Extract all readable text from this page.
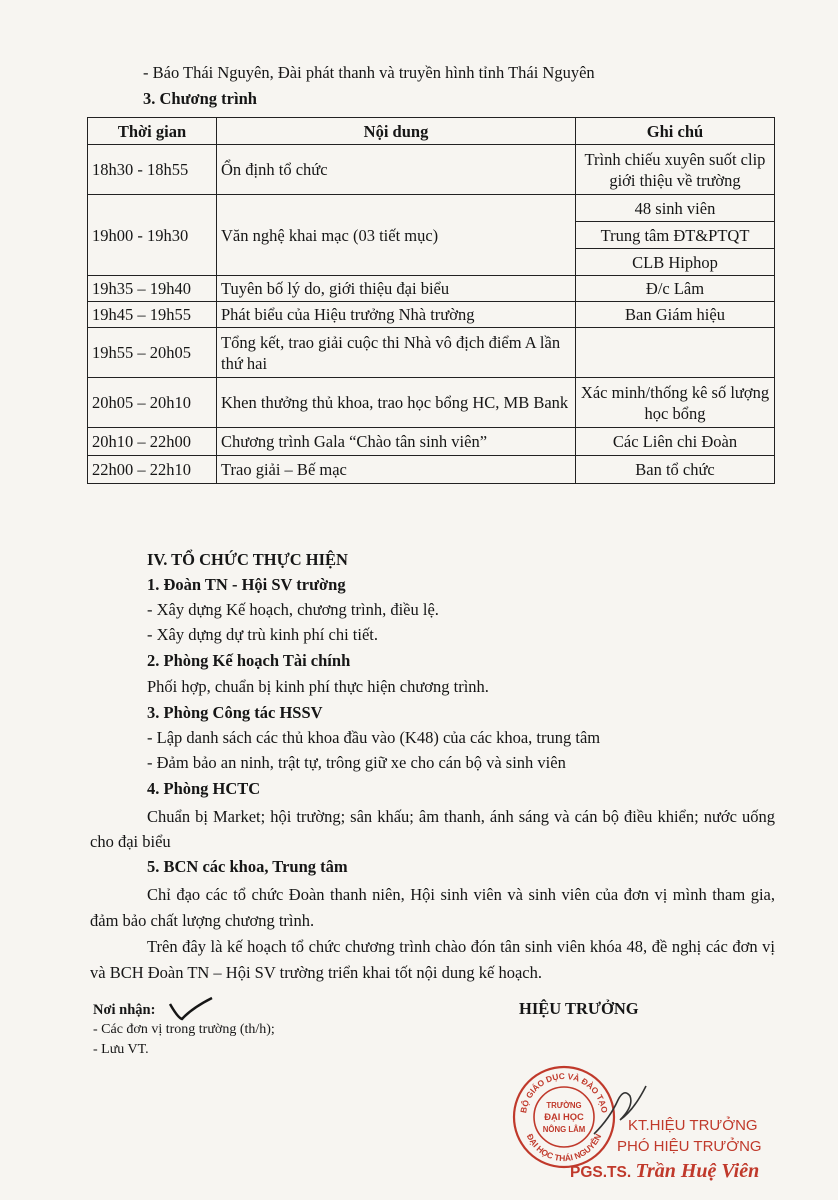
- Báo Thái Nguyên, Đài phát thanh và truyền hình tỉnh Thái Nguyên
3. Chương trình
Thời gian	Nội dung	Ghi chú
18h30 - 18h55	Ổn định tổ chức	Trình chiếu xuyên suốt clip giới thiệu về trường
19h00 - 19h30	Văn nghệ khai mạc (03 tiết mục)	48 sinh viên
		Trung tâm ĐT&PTQT
		CLB Hiphop
19h35 – 19h40	Tuyên bố lý do, giới thiệu đại biểu	Đ/c Lâm
19h45 – 19h55	Phát biểu của Hiệu trưởng Nhà trường	Ban Giám hiệu
19h55 – 20h05	Tổng kết, trao giải cuộc thi Nhà vô địch điểm A lần thứ hai	
20h05 – 20h10	Khen thưởng thủ khoa, trao học bổng HC, MB Bank	Xác minh/thống kê số lượng học bổng
20h10 – 22h00	Chương trình Gala “Chào tân sinh viên”	Các Liên chi Đoàn
22h00 – 22h10	Trao giải – Bế mạc	Ban tổ chức
IV. TỔ CHỨC THỰC HIỆN
1. Đoàn TN - Hội SV trường
- Xây dựng Kế hoạch, chương trình, điều lệ.
- Xây dựng dự trù kinh phí chi tiết.
2. Phòng Kế hoạch Tài chính
Phối hợp, chuẩn bị kinh phí thực hiện chương trình.
3. Phòng Công tác HSSV
- Lập danh sách các thủ khoa đầu vào (K48) của các khoa, trung tâm
- Đảm bảo an ninh, trật tự, trông giữ xe cho cán bộ và sinh viên
4. Phòng HCTC
Chuẩn bị Market; hội trường; sân khấu; âm thanh, ánh sáng và cán bộ điều khiển; nước uống cho đại biểu
5. BCN các khoa, Trung tâm
Chỉ đạo các tổ chức Đoàn thanh niên, Hội sinh viên và sinh viên của đơn vị mình tham gia, đảm bảo chất lượng chương trình.
Trên đây là kế hoạch tổ chức chương trình chào đón tân sinh viên khóa 48, đề nghị các đơn vị và BCH Đoàn TN – Hội SV trường triển khai tốt nội dung kế hoạch.
Nơi nhận:
- Các đơn vị trong trường (th/h);
- Lưu VT.
HIỆU TRƯỞNG
BỘ GIÁO DỤC VÀ ĐÀO TẠO
ĐẠI HỌC THÁI NGUYÊN
TRƯỜNG
ĐẠI HỌC
NÔNG LÂM	KT.HIỆU TRƯỞNG
PHÓ HIỆU TRƯỞNG
PGS.TS. Trần Huệ Viên
